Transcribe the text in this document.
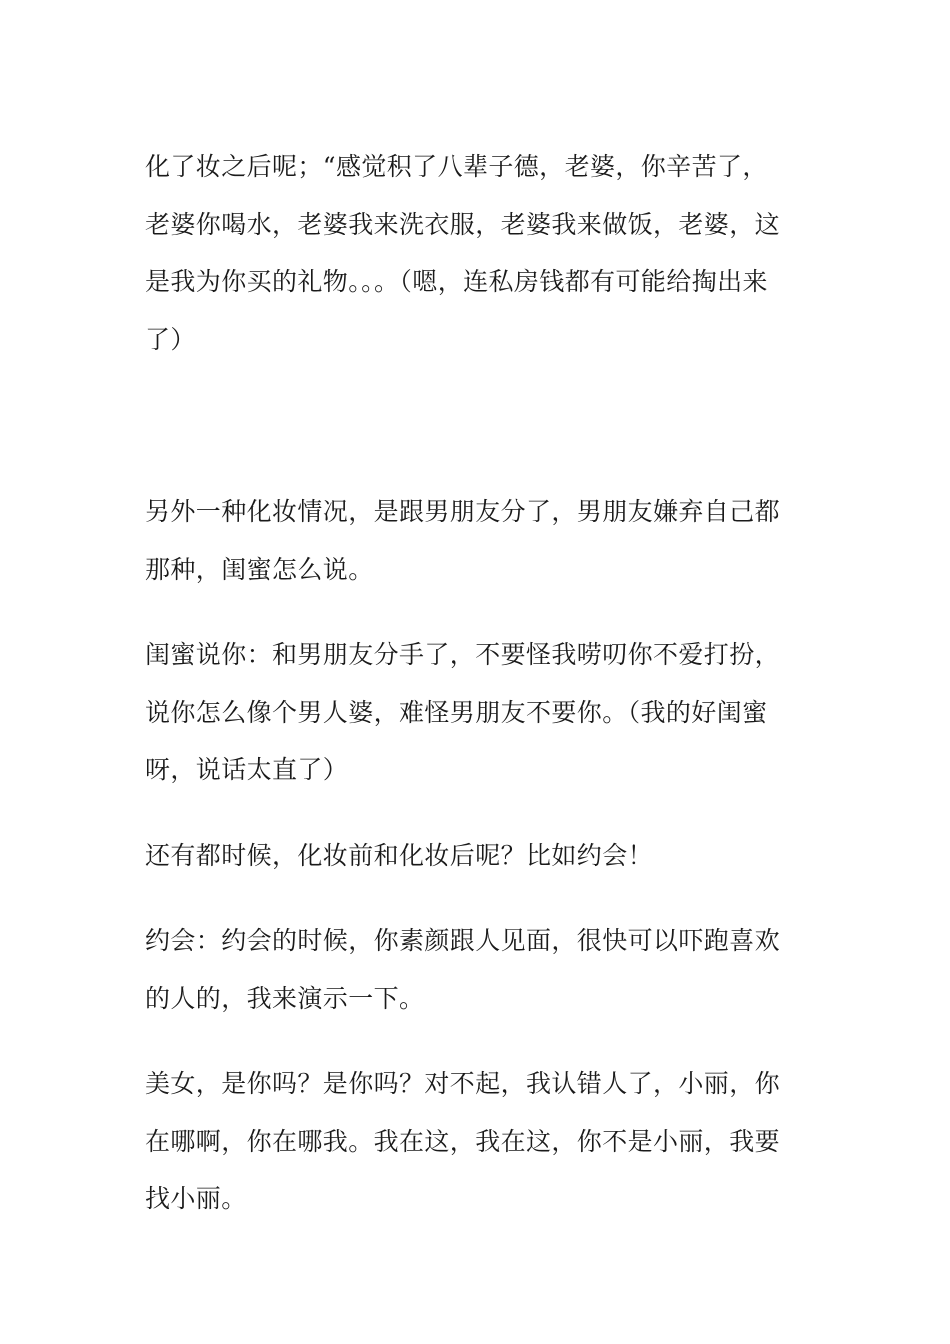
化了妆之后呢；“感觉积了八辈子德，老婆，你辛苦了，老婆你喝水，老婆我来洗衣服，老婆我来做饭，老婆，这是我为你买的礼物。。。（嗯，连私房钱都有可能给掏出来了）

另外一种化妆情况，是跟男朋友分了，男朋友嫌弃自己都那种，闺蜜怎么说。

闺蜜说你：和男朋友分手了，不要怪我唠叨你不爱打扮，说你怎么像个男人婆，难怪男朋友不要你。（我的好闺蜜呀，说话太直了）

还有都时候，化妆前和化妆后呢？比如约会！

约会：约会的时候，你素颜跟人见面，很快可以吓跑喜欢的人的，我来演示一下。

美女，是你吗？是你吗？对不起，我认错人了，小丽，你在哪啊，你在哪我。我在这，我在这，你不是小丽，我要找小丽。
